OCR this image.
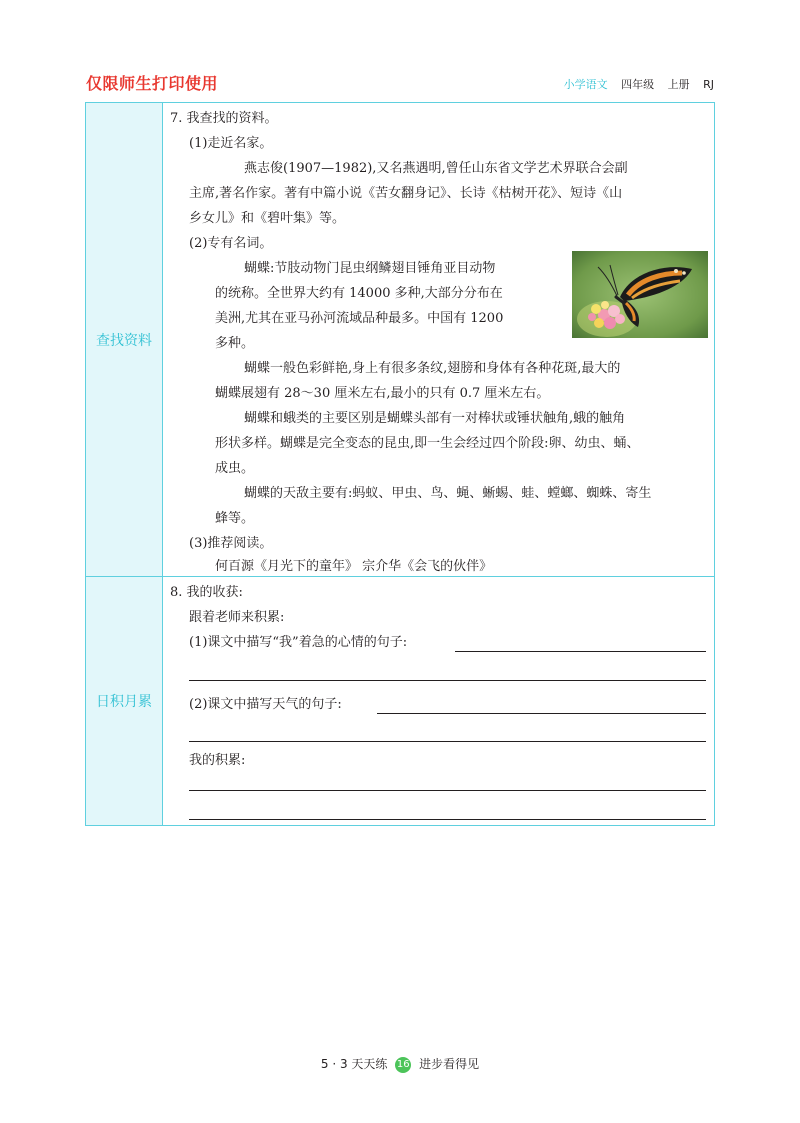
仅限师生打印使用	小学语文 四年级 上册 RJ
查找资料
7. 我查找的资料。
(1)走近名家。
燕志俊(1907—1982),又名燕遇明,曾任山东省文学艺术界联合会副
主席,著名作家。著有中篇小说《苦女翻身记》、长诗《枯树开花》、短诗《山
乡女儿》和《碧叶集》等。
(2)专有名词。
蝴蝶:节肢动物门昆虫纲鳞翅目锤角亚目动物
的统称。全世界大约有 14000 多种,大部分分布在
美洲,尤其在亚马孙河流域品种最多。中国有 1200
多种。
蝴蝶一般色彩鲜艳,身上有很多条纹,翅膀和身体有各种花斑,最大的
蝴蝶展翅有 28～30 厘米左右,最小的只有 0.7 厘米左右。
蝴蝶和蛾类的主要区别是蝴蝶头部有一对棒状或锤状触角,蛾的触角
形状多样。蝴蝶是完全变态的昆虫,即一生会经过四个阶段:卵、幼虫、蛹、
成虫。
蝴蝶的天敌主要有:蚂蚁、甲虫、鸟、蝇、蜥蜴、蛙、螳螂、蜘蛛、寄生
蜂等。
(3)推荐阅读。
何百源《月光下的童年》 宗介华《会飞的伙伴》
日积月累
8. 我的收获:
跟着老师来积累:
(1)课文中描写“我”着急的心情的句子:
(2)课文中描写天气的句子:
我的积累:
5 · 3 天天练 16 进步看得见
